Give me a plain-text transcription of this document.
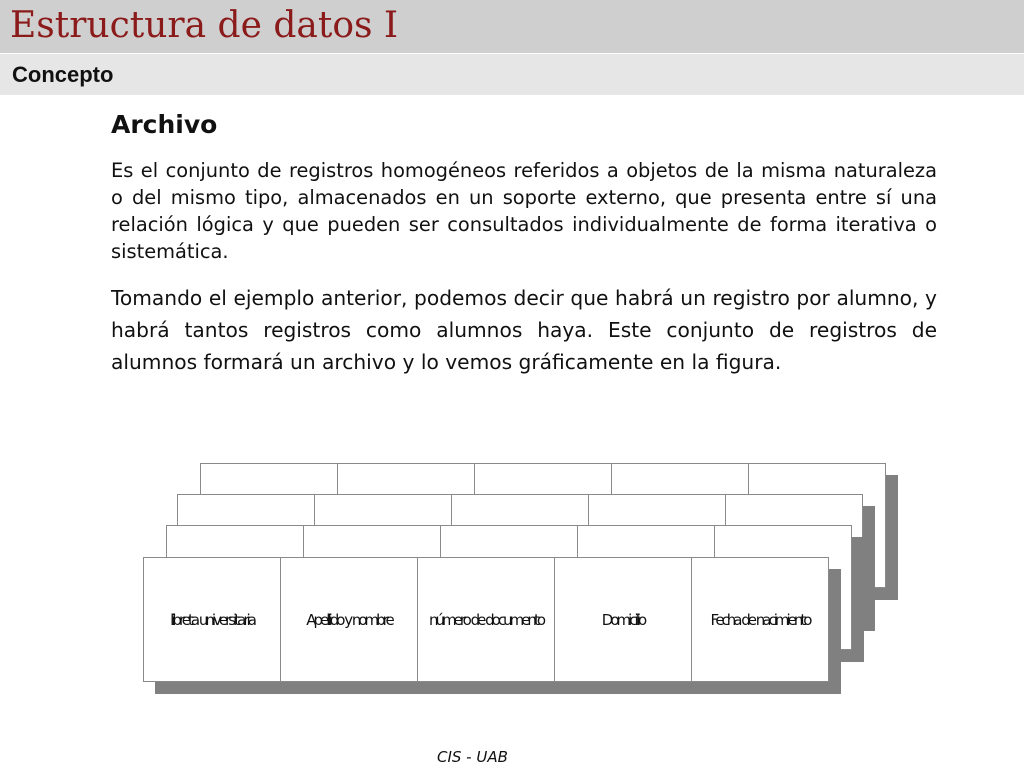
Estructura de datos I
Concepto
Archivo

Es el conjunto de registros homogéneos referidos a objetos de la misma naturaleza o del mismo tipo, almacenados en un soporte externo, que presenta entre sí una relación lógica y que pueden ser consultados individualmente de forma iterativa o sistemática.

Tomando el ejemplo anterior, podemos decir que habrá un registro por alumno, y habrá tantos registros como alumnos haya. Este conjunto de registros de alumnos formará un archivo y lo vemos gráficamente en la figura.

libreta universitaria	Apellido y nombre número de documento	Domicilio	Fecha de nacimiento
CIS - UAB
